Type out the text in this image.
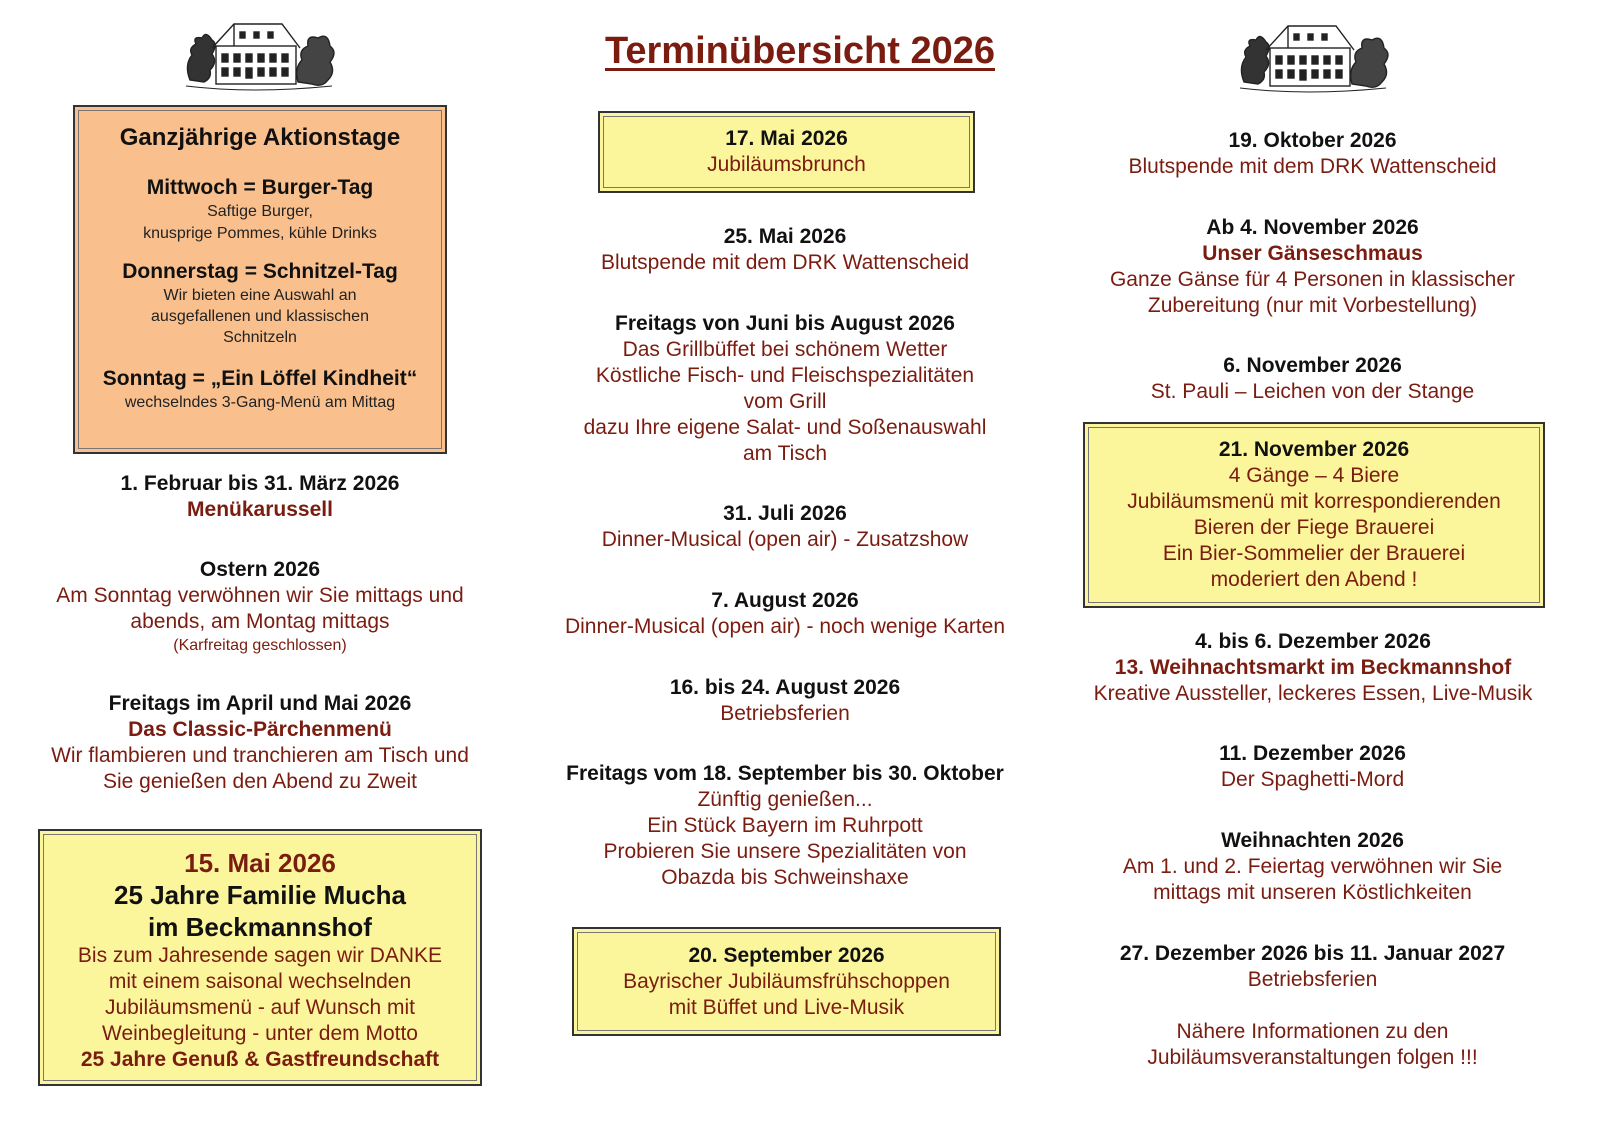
Terminübersicht 2026
Ganzjährige Aktionstage
Mittwoch = Burger-Tag
Saftige Burger,
knusprige Pommes, kühle Drinks
Donnerstag = Schnitzel-Tag
Wir bieten eine Auswahl an
ausgefallenen und klassischen
Schnitzeln
Sonntag = „Ein Löffel Kindheit“
wechselndes 3-Gang-Menü am Mittag
1. Februar bis 31. März 2026
Menükarussell
Ostern 2026
Am Sonntag verwöhnen wir Sie mittags und
abends, am Montag mittags
(Karfreitag geschlossen)
Freitags im April und Mai 2026
Das Classic-Pärchenmenü
Wir flambieren und tranchieren am Tisch und
Sie genießen den Abend zu Zweit
15. Mai 2026
25 Jahre Familie Mucha
im Beckmannshof
Bis zum Jahresende sagen wir DANKE
mit einem saisonal wechselnden
Jubiläumsmenü - auf Wunsch mit
Weinbegleitung - unter dem Motto
25 Jahre Genuß & Gastfreundschaft
17. Mai 2026
Jubiläumsbrunch
25. Mai 2026
Blutspende mit dem DRK Wattenscheid
Freitags von Juni bis August 2026
Das Grillbüffet bei schönem Wetter
Köstliche Fisch- und Fleischspezialitäten
vom Grill
dazu Ihre eigene Salat- und Soßenauswahl
am Tisch
31. Juli 2026
Dinner-Musical (open air) - Zusatzshow
7. August 2026
Dinner-Musical (open air) - noch wenige Karten
16. bis 24. August 2026
Betriebsferien
Freitags vom 18. September bis 30. Oktober
Zünftig genießen...
Ein Stück Bayern im Ruhrpott
Probieren Sie unsere Spezialitäten von
Obazda bis Schweinshaxe
20. September 2026
Bayrischer Jubiläumsfrühschoppen
mit Büffet und Live-Musik
19. Oktober 2026
Blutspende mit dem DRK Wattenscheid
Ab 4. November 2026
Unser Gänseschmaus
Ganze Gänse für 4 Personen in klassischer
Zubereitung (nur mit Vorbestellung)
6. November 2026
St. Pauli – Leichen von der Stange
21. November 2026
4 Gänge – 4 Biere
Jubiläumsmenü mit korrespondierenden
Bieren der Fiege Brauerei
Ein Bier-Sommelier der Brauerei
moderiert den Abend !
4. bis 6. Dezember 2026
13. Weihnachtsmarkt im Beckmannshof
Kreative Aussteller, leckeres Essen, Live-Musik
11. Dezember 2026
Der Spaghetti-Mord
Weihnachten 2026
Am 1. und 2. Feiertag verwöhnen wir Sie
mittags mit unseren Köstlichkeiten
27. Dezember 2026 bis 11. Januar 2027
Betriebsferien
Nähere Informationen zu den
Jubiläumsveranstaltungen folgen !!!
